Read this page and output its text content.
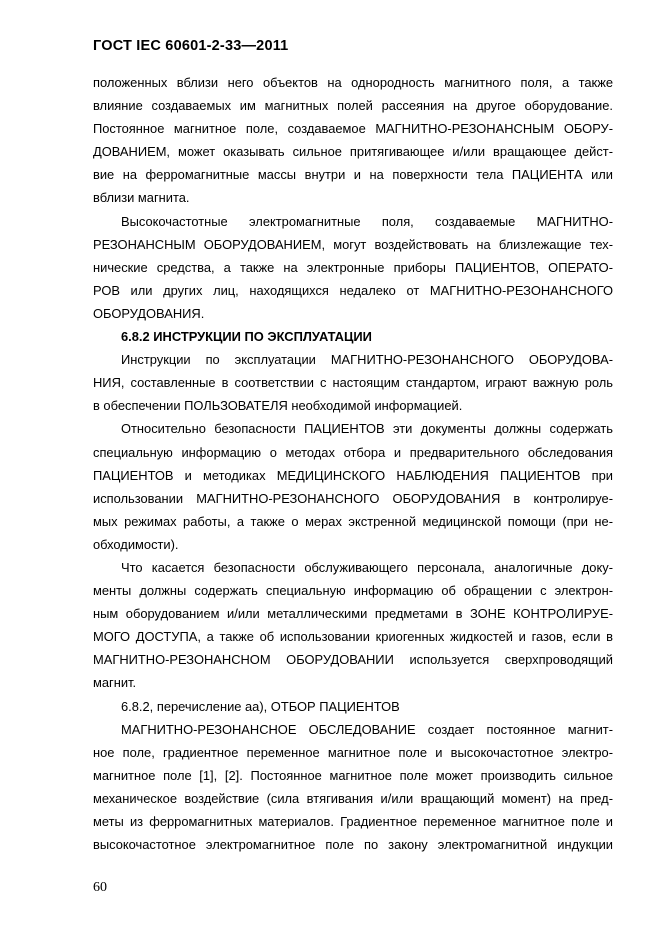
ГОСТ IEC 60601-2-33—2011
положенных вблизи него объектов на однородность магнитного поля, а также
влияние создаваемых им магнитных полей рассеяния на другое оборудование.
Постоянное магнитное поле, создаваемое МАГНИТНО-РЕЗОНАНСНЫМ ОБОРУ-
ДОВАНИЕМ, может оказывать сильное притягивающее и/или вращающее дейст-
вие на ферромагнитные массы внутри и на поверхности тела ПАЦИЕНТА или
вблизи магнита.
Высокочастотные электромагнитные поля, создаваемые МАГНИТНО-
РЕЗОНАНСНЫМ ОБОРУДОВАНИЕМ, могут воздействовать на близлежащие тех-
нические средства, а также на электронные приборы ПАЦИЕНТОВ, ОПЕРАТО-
РОВ или других лиц, находящихся недалеко от МАГНИТНО-РЕЗОНАНСНОГО
ОБОРУДОВАНИЯ.
6.8.2 ИНСТРУКЦИИ ПО ЭКСПЛУАТАЦИИ
Инструкции по эксплуатации МАГНИТНО-РЕЗОНАНСНОГО ОБОРУДОВА-
НИЯ, составленные в соответствии с настоящим стандартом, играют важную роль
в обеспечении ПОЛЬЗОВАТЕЛЯ необходимой информацией.
Относительно безопасности ПАЦИЕНТОВ эти документы должны содержать
специальную информацию о методах отбора и предварительного обследования
ПАЦИЕНТОВ и методиках МЕДИЦИНСКОГО НАБЛЮДЕНИЯ ПАЦИЕНТОВ при
использовании МАГНИТНО-РЕЗОНАНСНОГО ОБОРУДОВАНИЯ в контролируе-
мых режимах работы, а также о мерах экстренной медицинской помощи (при не-
обходимости).
Что касается безопасности обслуживающего персонала, аналогичные доку-
менты должны содержать специальную информацию об обращении с электрон-
ным оборудованием и/или металлическими предметами в ЗОНЕ КОНТРОЛИРУЕ-
МОГО ДОСТУПА, а также об использовании криогенных жидкостей и газов, если в
МАГНИТНО-РЕЗОНАНСНОМ ОБОРУДОВАНИИ используется сверхпроводящий
магнит.
6.8.2, перечисление аа), ОТБОР ПАЦИЕНТОВ
МАГНИТНО-РЕЗОНАНСНОЕ ОБСЛЕДОВАНИЕ создает постоянное магнит-
ное поле, градиентное переменное магнитное поле и высокочастотное электро-
магнитное поле [1], [2]. Постоянное магнитное поле может производить сильное
механическое воздействие (сила втягивания и/или вращающий момент) на пред-
меты из ферромагнитных материалов. Градиентное переменное магнитное поле и
высокочастотное электромагнитное поле по закону электромагнитной индукции
60
